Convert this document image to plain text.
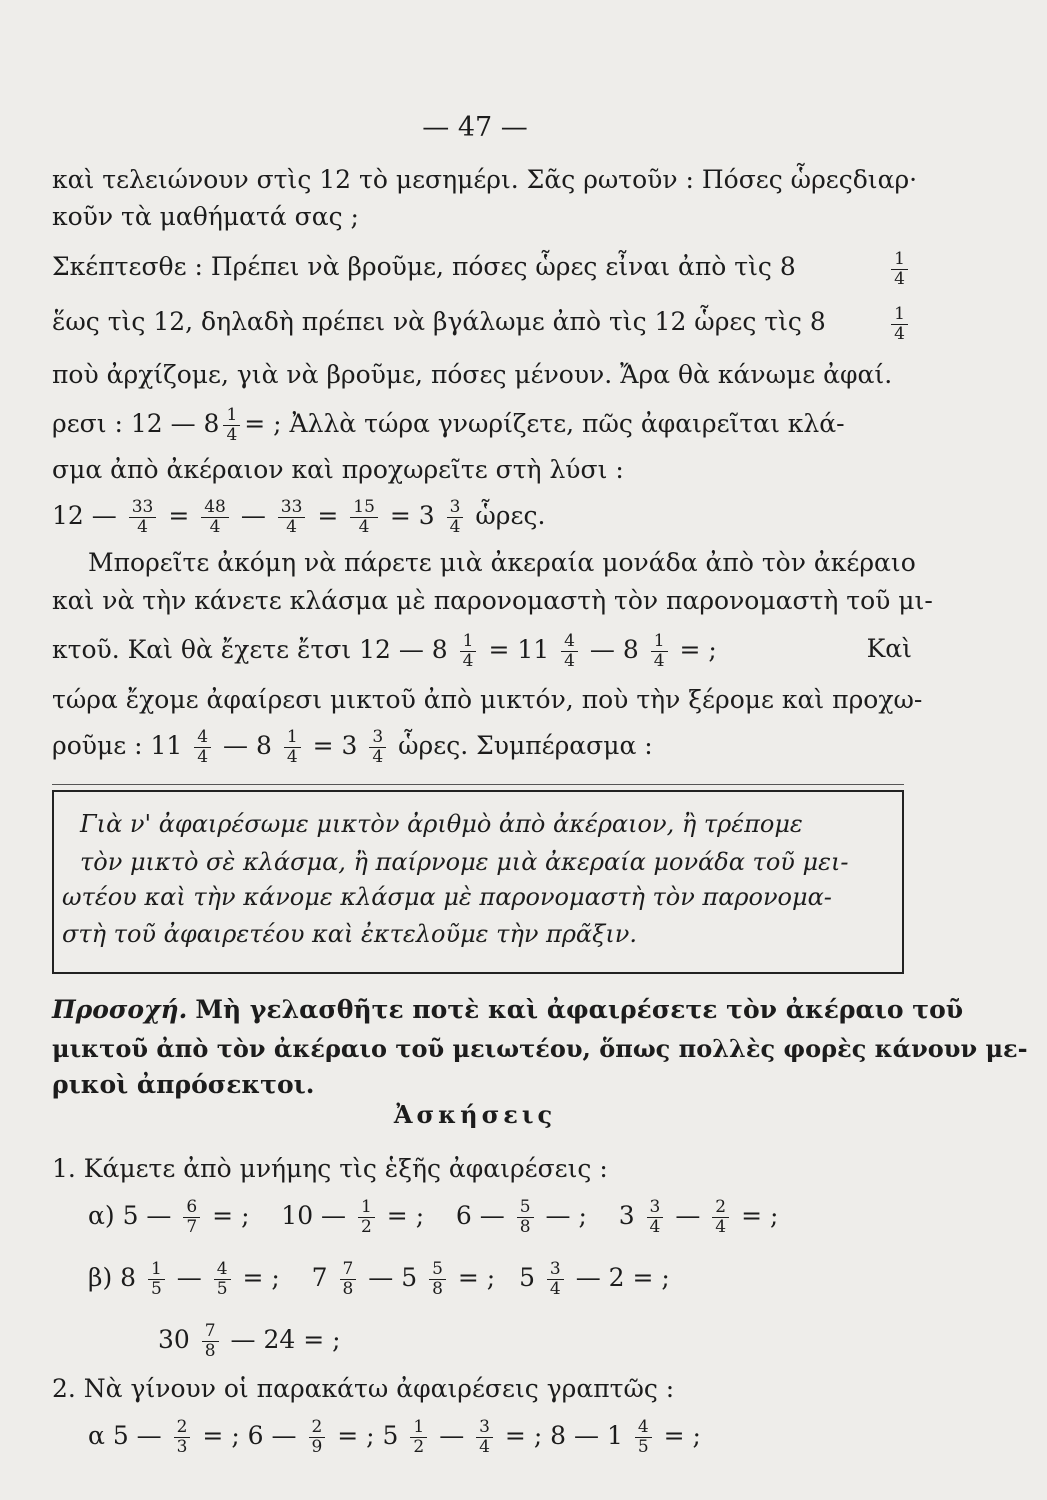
— 47 —
καὶ τελειώνουν στὶς 12 τὸ μεσημέρι. Σᾶς ρωτοῦν : Πόσες ὧρες διαρ·
κοῦν τὰ μαθήματά σας ;
Σκέπτεσθε : Πρέπει νὰ βροῦμε, πόσες ὧρες εἶναι ἀπὸ τὶς 8	$\frac{1}{4}$
ἕως τὶς 12, δηλαδὴ πρέπει νὰ βγάλωμε ἀπὸ τὶς 12 ὧρες τὶς 8	$\frac{1}{4}$
ποὺ ἀρχίζομε, γιὰ νὰ βροῦμε, πόσες μένουν. Ἄρα θὰ κάνωμε ἀφαί.
ρεσι : 12 — $8 \frac{1}{4}$ = ; Ἀλλὰ τώρα γνωρίζετε, πῶς ἀφαιρεῖται κλά-
σμα ἀπὸ ἀκέραιον καὶ προχωρεῖτε στὴ λύσι :
12 — $\frac{33}{4} = \frac{48}{4}$ — $\frac{33}{4} = \frac{15}{4} = 3 \frac{3}{4}$ ὧρες.
Μπορεῖτε ἀκόμη νὰ πάρετε μιὰ ἀκεραία μονάδα ἀπὸ τὸν ἀκέραιο
καὶ νὰ τὴν κάνετε κλάσμα μὲ παρονομαστὴ τὸν παρονομαστὴ τοῦ μι-
κτοῦ. Καὶ θὰ ἔχετε ἔτσι 12 — $8 \frac{1}{4} = 11 \frac{4}{4}$ — $8 \frac{1}{4}$ = ;	Καὶ
τώρα ἔχομε ἀφαίρεσι μικτοῦ ἀπὸ μικτόν, ποὺ τὴν ξέρομε καὶ προχω-
ροῦμε : $11 \frac{4}{4}$ — $8 \frac{1}{4} = 3 \frac{3}{4}$ ὧρες. Συμπέρασμα :
Γιὰ ν' ἀφαιρέσωμε μικτὸν ἀριθμὸ ἀπὸ ἀκέραιον, ἢ τρέπομε
τὸν μικτὸ σὲ κλάσμα, ἢ παίρνομε μιὰ ἀκεραία μονάδα τοῦ μει-
ωτέου καὶ τὴν κάνομε κλάσμα μὲ παρονομαστὴ τὸν παρονομα-
στὴ τοῦ ἀφαιρετέου καὶ ἐκτελοῦμε τὴν πρᾶξιν.
Προσοχή. Μὴ γελασθῆτε ποτὲ καὶ ἀφαιρέσετε τὸν ἀκέραιο τοῦ
μικτοῦ ἀπὸ τὸν ἀκέραιο τοῦ μειωτέου, ὅπως πολλὲς φορὲς κάνουν με-
ρικοὶ ἀπρόσεκτοι.
Ἀσκήσεις
1. Κάμετε ἀπὸ μνήμης τὶς ἑξῆς ἀφαιρέσεις :
α) 5 — $\frac{6}{7}$ = ; 10 — $\frac{1}{2}$ = ; 6 — $\frac{5}{8}$ — ; $3 \frac{3}{4}$ — $\frac{2}{4}$ = ;
β) $8 \frac{1}{5}$ — $\frac{4}{5}$ = ; $7 \frac{7}{8}$ — $5 \frac{5}{8}$ = ; $5 \frac{3}{4}$ — 2 = ;
$30 \frac{7}{8}$ — 24 = ;
2. Νὰ γίνουν οἱ παρακάτω ἀφαιρέσεις γραπτῶς :
α 5 — $\frac{2}{3}$ = ; 6 — $\frac{2}{9}$ = ; $5 \frac{1}{2}$ — $\frac{3}{4}$ = ; 8 — $1 \frac{4}{5}$ = ;
